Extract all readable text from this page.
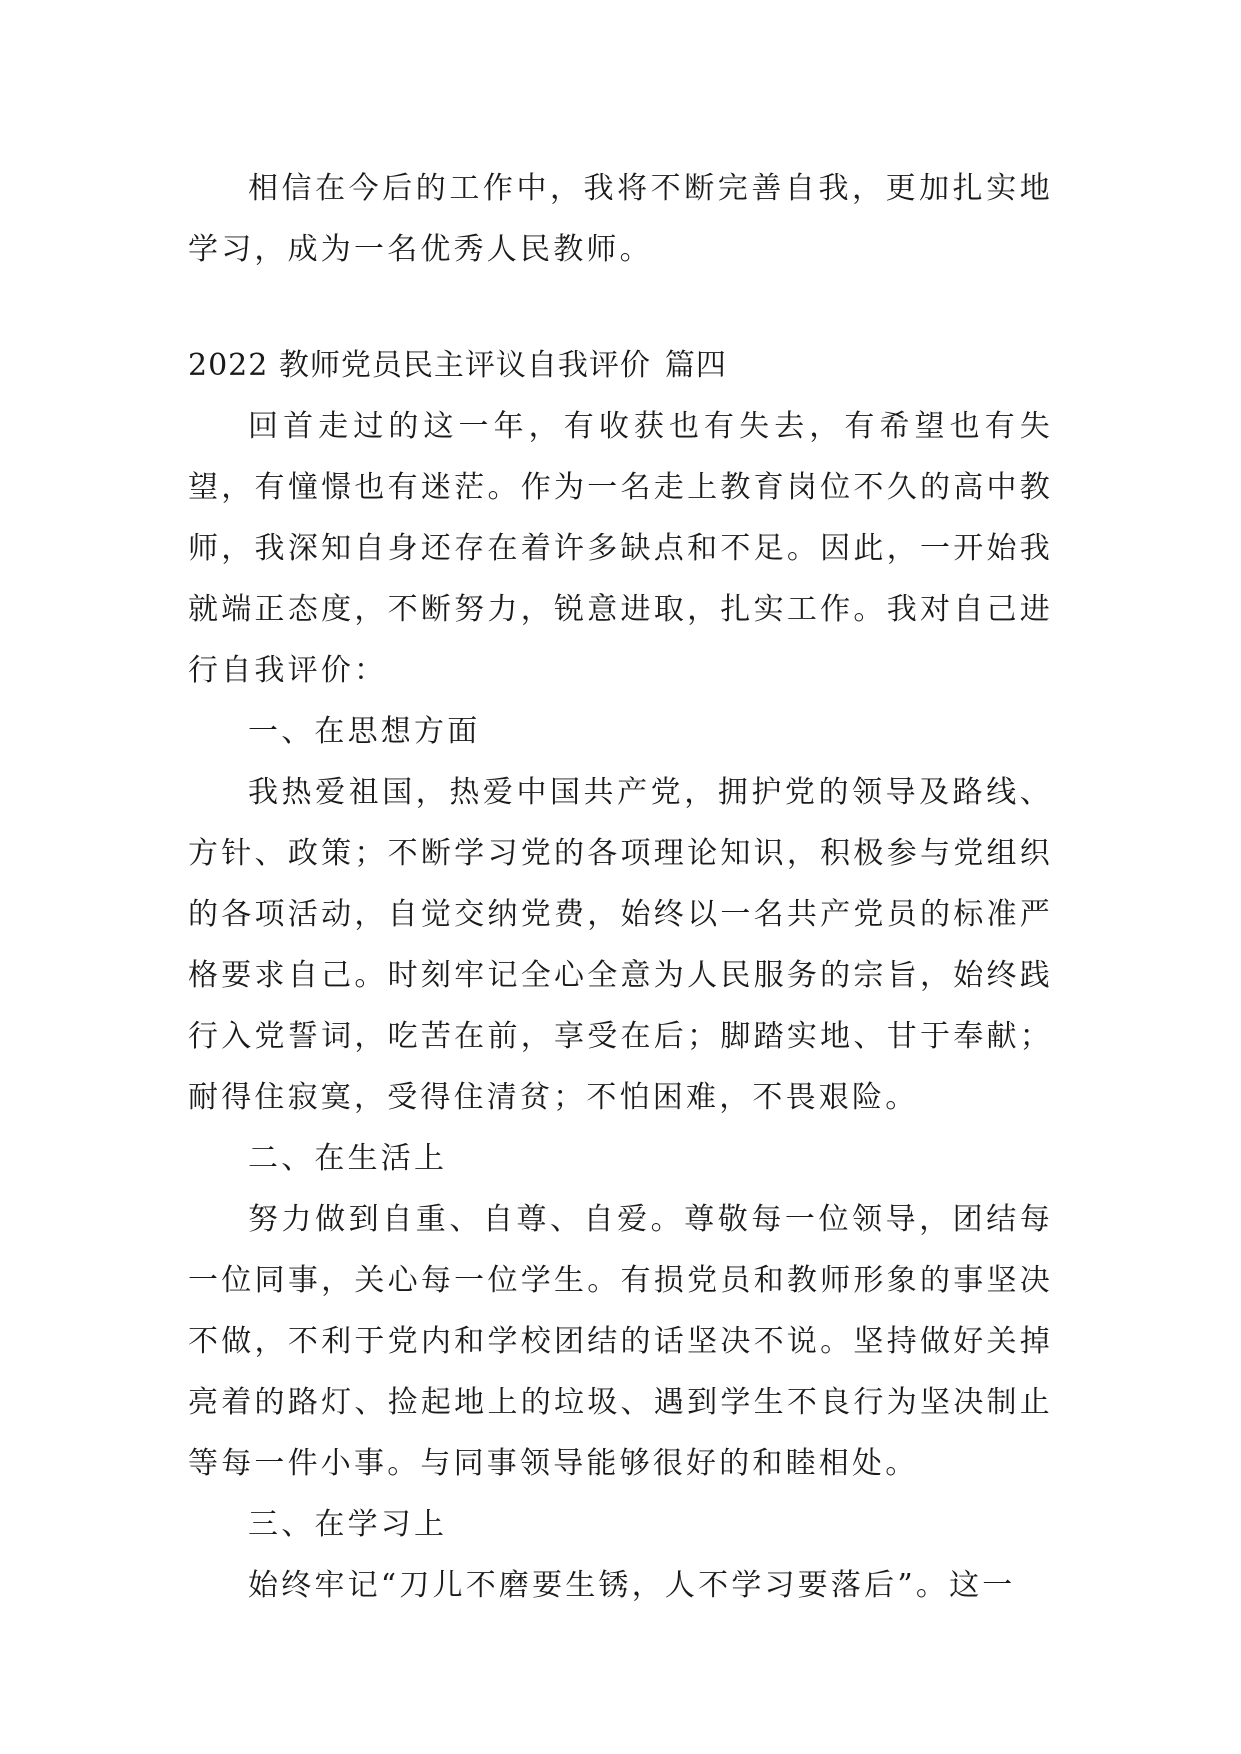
相信在今后的工作中，我将不断完善自我，更加扎实地学习，成为一名优秀人民教师。

2022 教师党员民主评议自我评价 篇四

回首走过的这一年，有收获也有失去，有希望也有失望，有憧憬也有迷茫。作为一名走上教育岗位不久的高中教师，我深知自身还存在着许多缺点和不足。因此，一开始我就端正态度，不断努力，锐意进取，扎实工作。我对自己进行自我评价：

一、在思想方面

我热爱祖国，热爱中国共产党，拥护党的领导及路线、方针、政策；不断学习党的各项理论知识，积极参与党组织的各项活动，自觉交纳党费，始终以一名共产党员的标准严格要求自己。时刻牢记全心全意为人民服务的宗旨，始终践行入党誓词，吃苦在前，享受在后；脚踏实地、甘于奉献；耐得住寂寞，受得住清贫；不怕困难，不畏艰险。

二、在生活上

努力做到自重、自尊、自爱。尊敬每一位领导，团结每一位同事，关心每一位学生。有损党员和教师形象的事坚决不做，不利于党内和学校团结的话坚决不说。坚持做好关掉亮着的路灯、捡起地上的垃圾、遇到学生不良行为坚决制止等每一件小事。与同事领导能够很好的和睦相处。

三、在学习上

始终牢记“刀儿不磨要生锈，人不学习要落后”。这一
